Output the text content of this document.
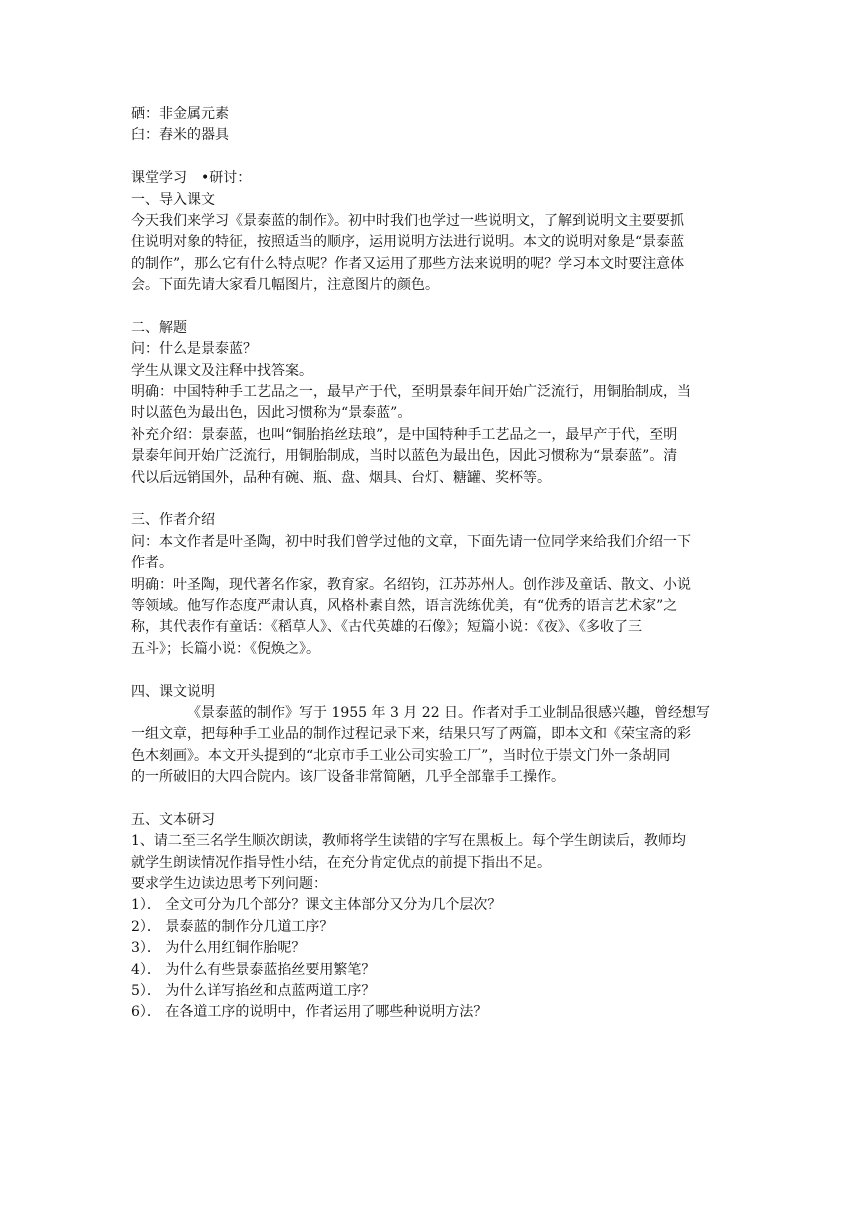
硒：非金属元素
臼：舂米的器具
课堂学习　•研讨：
一、导入课文
今天我们来学习《景泰蓝的制作》。初中时我们也学过一些说明文，了解到说明文主要要抓
住说明对象的特征，按照适当的顺序，运用说明方法进行说明。本文的说明对象是“景泰蓝
的制作”，那么它有什么特点呢？作者又运用了那些方法来说明的呢？学习本文时要注意体
会。下面先请大家看几幅图片，注意图片的颜色。
二、解题
问：什么是景泰蓝？
学生从课文及注释中找答案。
明确：中国特种手工艺品之一，最早产于代，至明景泰年间开始广泛流行，用铜胎制成，当
时以蓝色为最出色，因此习惯称为“景泰蓝”。
补充介绍：景泰蓝，也叫“铜胎掐丝珐琅”，是中国特种手工艺品之一，最早产于代，至明
景泰年间开始广泛流行，用铜胎制成，当时以蓝色为最出色，因此习惯称为“景泰蓝”。清
代以后远销国外，品种有碗、瓶、盘、烟具、台灯、糖罐、奖杯等。
三、作者介绍
问：本文作者是叶圣陶，初中时我们曾学过他的文章，下面先请一位同学来给我们介绍一下
作者。
明确：叶圣陶，现代著名作家，教育家。名绍钧，江苏苏州人。创作涉及童话、散文、小说
等领域。他写作态度严肃认真，风格朴素自然，语言洗练优美，有“优秀的语言艺术家”之
称，其代表作有童话：《稻草人》、《古代英雄的石像》；短篇小说：《夜》、《多收了三
五斗》；长篇小说：《倪焕之》。
四、课文说明
《景泰蓝的制作》写于 1955 年 3 月 22 日。作者对手工业制品很感兴趣，曾经想写
一组文章，把每种手工业品的制作过程记录下来，结果只写了两篇，即本文和《荣宝斋的彩
色木刻画》。本文开头提到的“北京市手工业公司实验工厂”，当时位于崇文门外一条胡同
的一所破旧的大四合院内。该厂设备非常简陋，几乎全部靠手工操作。
五、文本研习
1、请二至三名学生顺次朗读，教师将学生读错的字写在黑板上。每个学生朗读后，教师均
就学生朗读情况作指导性小结，在充分肯定优点的前提下指出不足。
要求学生边读边思考下列问题：
1）． 全文可分为几个部分？课文主体部分又分为几个层次？
2）． 景泰蓝的制作分几道工序？
3）． 为什么用红铜作胎呢？
4）． 为什么有些景泰蓝掐丝要用繁笔？
5）． 为什么详写掐丝和点蓝两道工序？
6）． 在各道工序的说明中，作者运用了哪些种说明方法？
